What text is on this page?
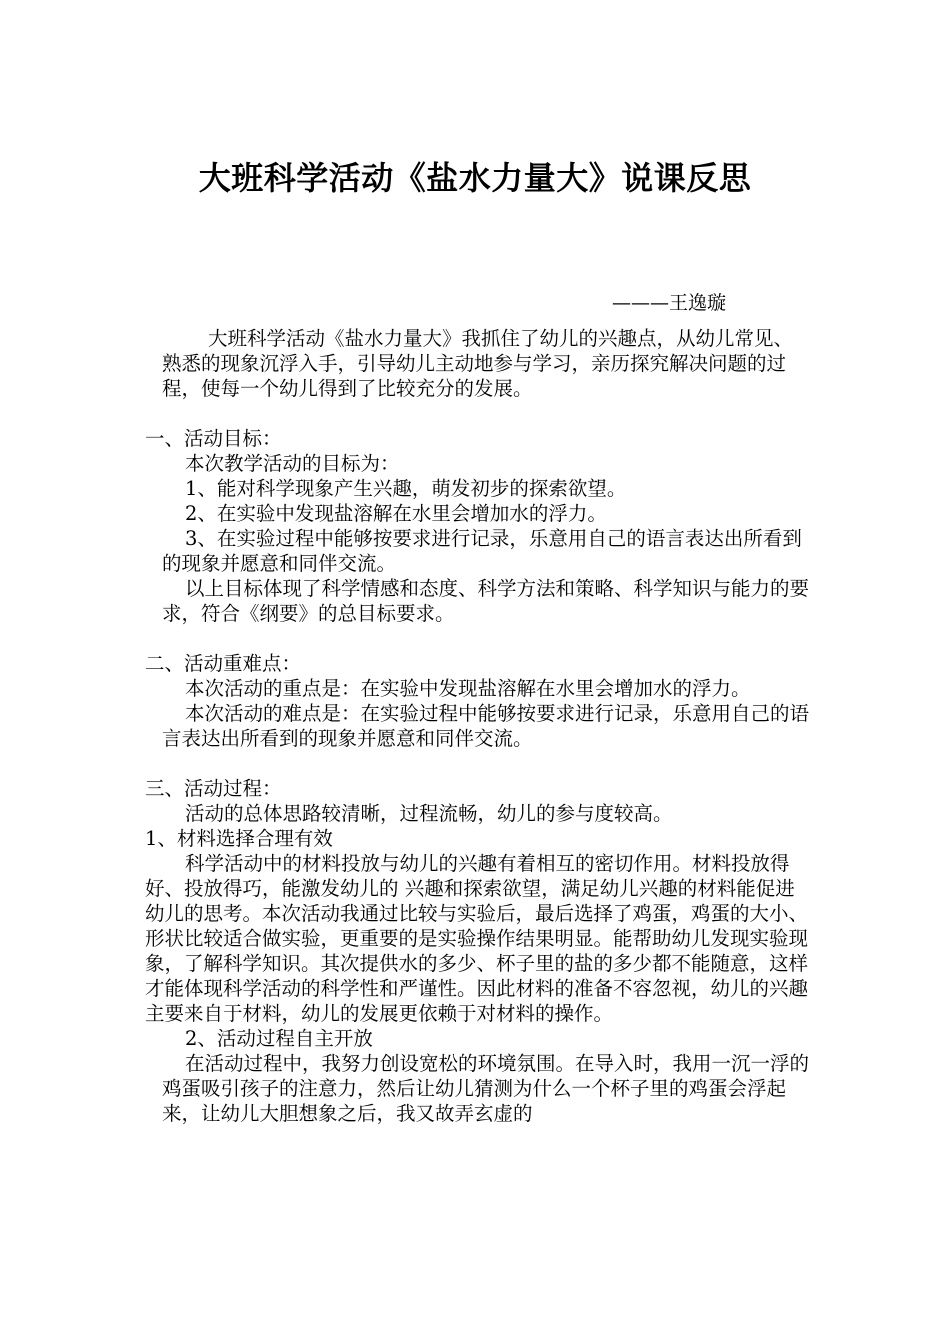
大班科学活动《盐水力量大》说课反思
———王逸璇

大班科学活动《盐水力量大》我抓住了幼儿的兴趣点，从幼儿常见、熟悉的现象沉浮入手，引导幼儿主动地参与学习，亲历探究解决问题的过程，使每一个幼儿得到了比较充分的发展。

一、活动目标：

本次教学活动的目标为：

1、能对科学现象产生兴趣，萌发初步的探索欲望。

2、在实验中发现盐溶解在水里会增加水的浮力。

3、在实验过程中能够按要求进行记录，乐意用自己的语言表达出所看到的现象并愿意和同伴交流。

以上目标体现了科学情感和态度、科学方法和策略、科学知识与能力的要求，符合《纲要》的总目标要求。

二、活动重难点：

本次活动的重点是：在实验中发现盐溶解在水里会增加水的浮力。

本次活动的难点是：在实验过程中能够按要求进行记录，乐意用自己的语言表达出所看到的现象并愿意和同伴交流。

三、活动过程：

活动的总体思路较清晰，过程流畅，幼儿的参与度较高。

1、材料选择合理有效

科学活动中的材料投放与幼儿的兴趣有着相互的密切作用。材料投放得好、投放得巧，能激发幼儿的 兴趣和探索欲望，满足幼儿兴趣的材料能促进幼儿的思考。本次活动我通过比较与实验后，最后选择了鸡蛋，鸡蛋的大小、形状比较适合做实验，更重要的是实验操作结果明显。能帮助幼儿发现实验现象，了解科学知识。其次提供水的多少、杯子里的盐的多少都不能随意，这样才能体现科学活动的科学性和严谨性。因此材料的准备不容忽视，幼儿的兴趣主要来自于材料，幼儿的发展更依赖于对材料的操作。

2、活动过程自主开放

在活动过程中，我努力创设宽松的环境氛围。在导入时，我用一沉一浮的鸡蛋吸引孩子的注意力，然后让幼儿猜测为什么一个杯子里的鸡蛋会浮起来，让幼儿大胆想象之后，我又故弄玄虚的
